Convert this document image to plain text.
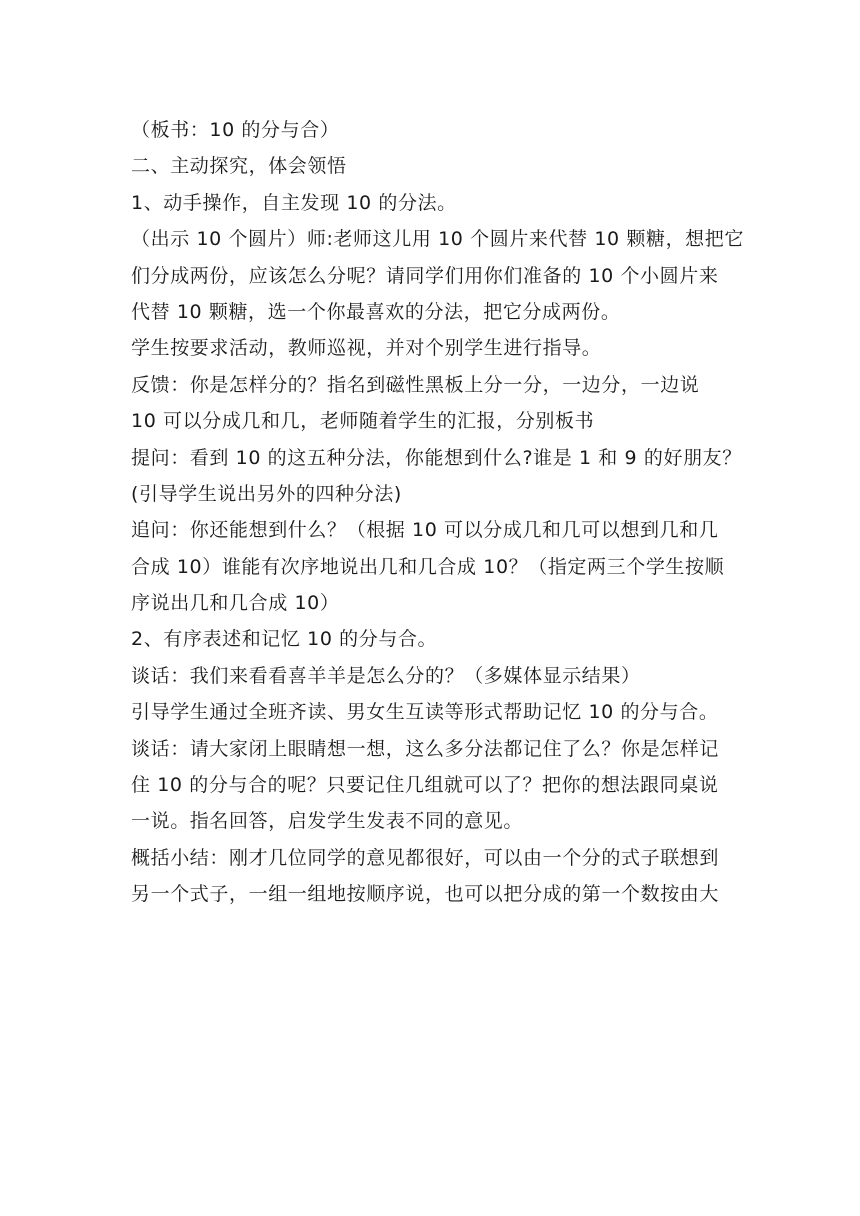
（板书：10 的分与合）
二、主动探究，体会领悟
1、动手操作，自主发现 10 的分法。
（出示 10 个圆片）师:老师这儿用 10 个圆片来代替 10 颗糖，想把它
们分成两份，应该怎么分呢？请同学们用你们准备的 10 个小圆片来
代替 10 颗糖，选一个你最喜欢的分法，把它分成两份。
学生按要求活动，教师巡视，并对个别学生进行指导。
反馈：你是怎样分的？指名到磁性黑板上分一分，一边分，一边说
10 可以分成几和几，老师随着学生的汇报，分别板书
提问：看到 10 的这五种分法，你能想到什么?谁是 1 和 9 的好朋友？
(引导学生说出另外的四种分法)
追问：你还能想到什么？（根据 10 可以分成几和几可以想到几和几
合成 10）谁能有次序地说出几和几合成 10？（指定两三个学生按顺
序说出几和几合成 10）
2、有序表述和记忆 10 的分与合。
谈话：我们来看看喜羊羊是怎么分的？（多媒体显示结果）
引导学生通过全班齐读、男女生互读等形式帮助记忆 10 的分与合。
谈话：请大家闭上眼睛想一想，这么多分法都记住了么？你是怎样记
住 10 的分与合的呢？只要记住几组就可以了？把你的想法跟同桌说
一说。指名回答，启发学生发表不同的意见。
概括小结：刚才几位同学的意见都很好，可以由一个分的式子联想到
另一个式子，一组一组地按顺序说，也可以把分成的第一个数按由大
